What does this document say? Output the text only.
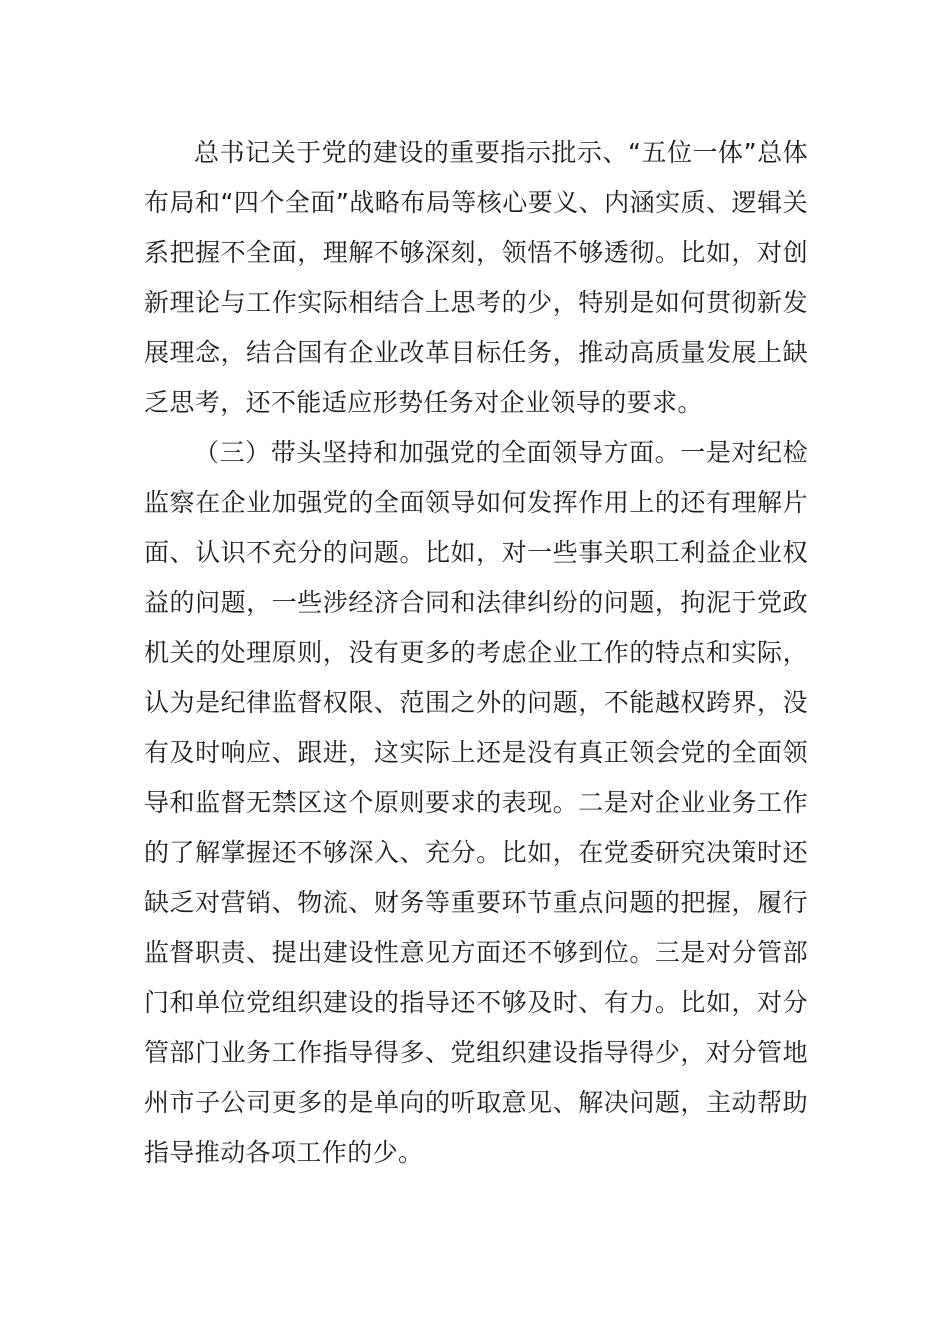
总书记关于党的建设的重要指示批示、“五位一体”总体布局和“四个全面”战略布局等核心要义、内涵实质、逻辑关系把握不全面，理解不够深刻，领悟不够透彻。比如，对创新理论与工作实际相结合上思考的少，特别是如何贯彻新发展理念，结合国有企业改革目标任务，推动高质量发展上缺乏思考，还不能适应形势任务对企业领导的要求。

（三）带头坚持和加强党的全面领导方面。一是对纪检监察在企业加强党的全面领导如何发挥作用上的还有理解片面、认识不充分的问题。比如，对一些事关职工利益企业权益的问题，一些涉经济合同和法律纠纷的问题，拘泥于党政机关的处理原则，没有更多的考虑企业工作的特点和实际，认为是纪律监督权限、范围之外的问题，不能越权跨界，没有及时响应、跟进，这实际上还是没有真正领会党的全面领导和监督无禁区这个原则要求的表现。二是对企业业务工作的了解掌握还不够深入、充分。比如，在党委研究决策时还缺乏对营销、物流、财务等重要环节重点问题的把握，履行监督职责、提出建设性意见方面还不够到位。三是对分管部门和单位党组织建设的指导还不够及时、有力。比如，对分管部门业务工作指导得多、党组织建设指导得少，对分管地州市子公司更多的是单向的听取意见、解决问题，主动帮助指导推动各项工作的少。
